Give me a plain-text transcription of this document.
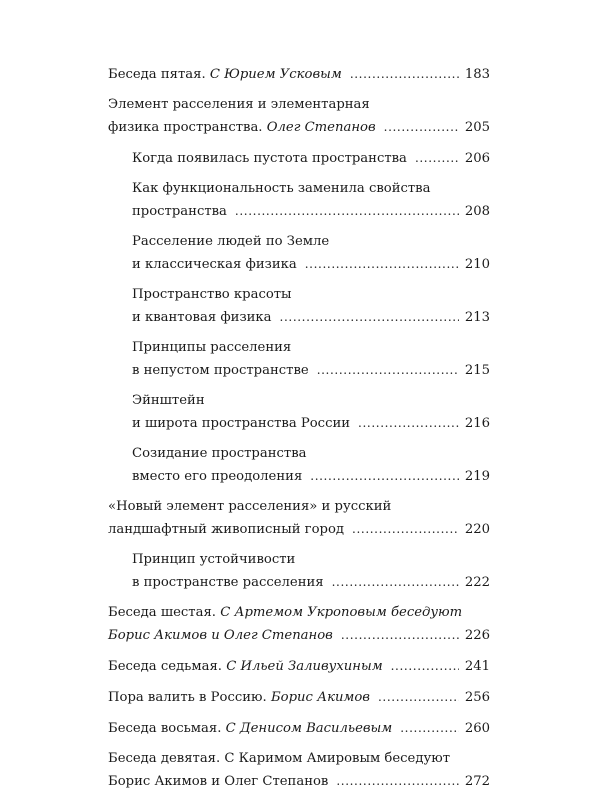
Беседа пятая.
С Юрием Усковым . . .	183
Элемент расселения и элементарная
физика пространства.
Олег Степанов . . .	205
Когда появилась пустота пространства . . .	206
Как функциональность заменила свойства
пространства . . .	208
Расселение людей по Земле
и классическая физика . . .	210
Пространство красоты
и квантовая физика . . .	213
Принципы расселения
в непустом пространстве . . .	215
Эйнштейн
и широта пространства России . . .	216
Созидание пространства
вместо его преодоления . . .	219
«Новый элемент расселения» и русский
ландшафтный живописный город . . .	220
Принцип устойчивости
в пространстве расселения . . .	222
Беседа шестая. С Артемом Укроповым беседуют
Борис Акимов и Олег Степанов . . .	226
Беседа седьмая.
С Ильей Заливухиным . . .	241
Пора валить в Россию.
Борис Акимов . . .	256
Беседа восьмая.
С Денисом Васильевым . . .	260
Беседа девятая. С Каримом Амировым беседуют
Борис Акимов и Олег Степанов . . .	272
